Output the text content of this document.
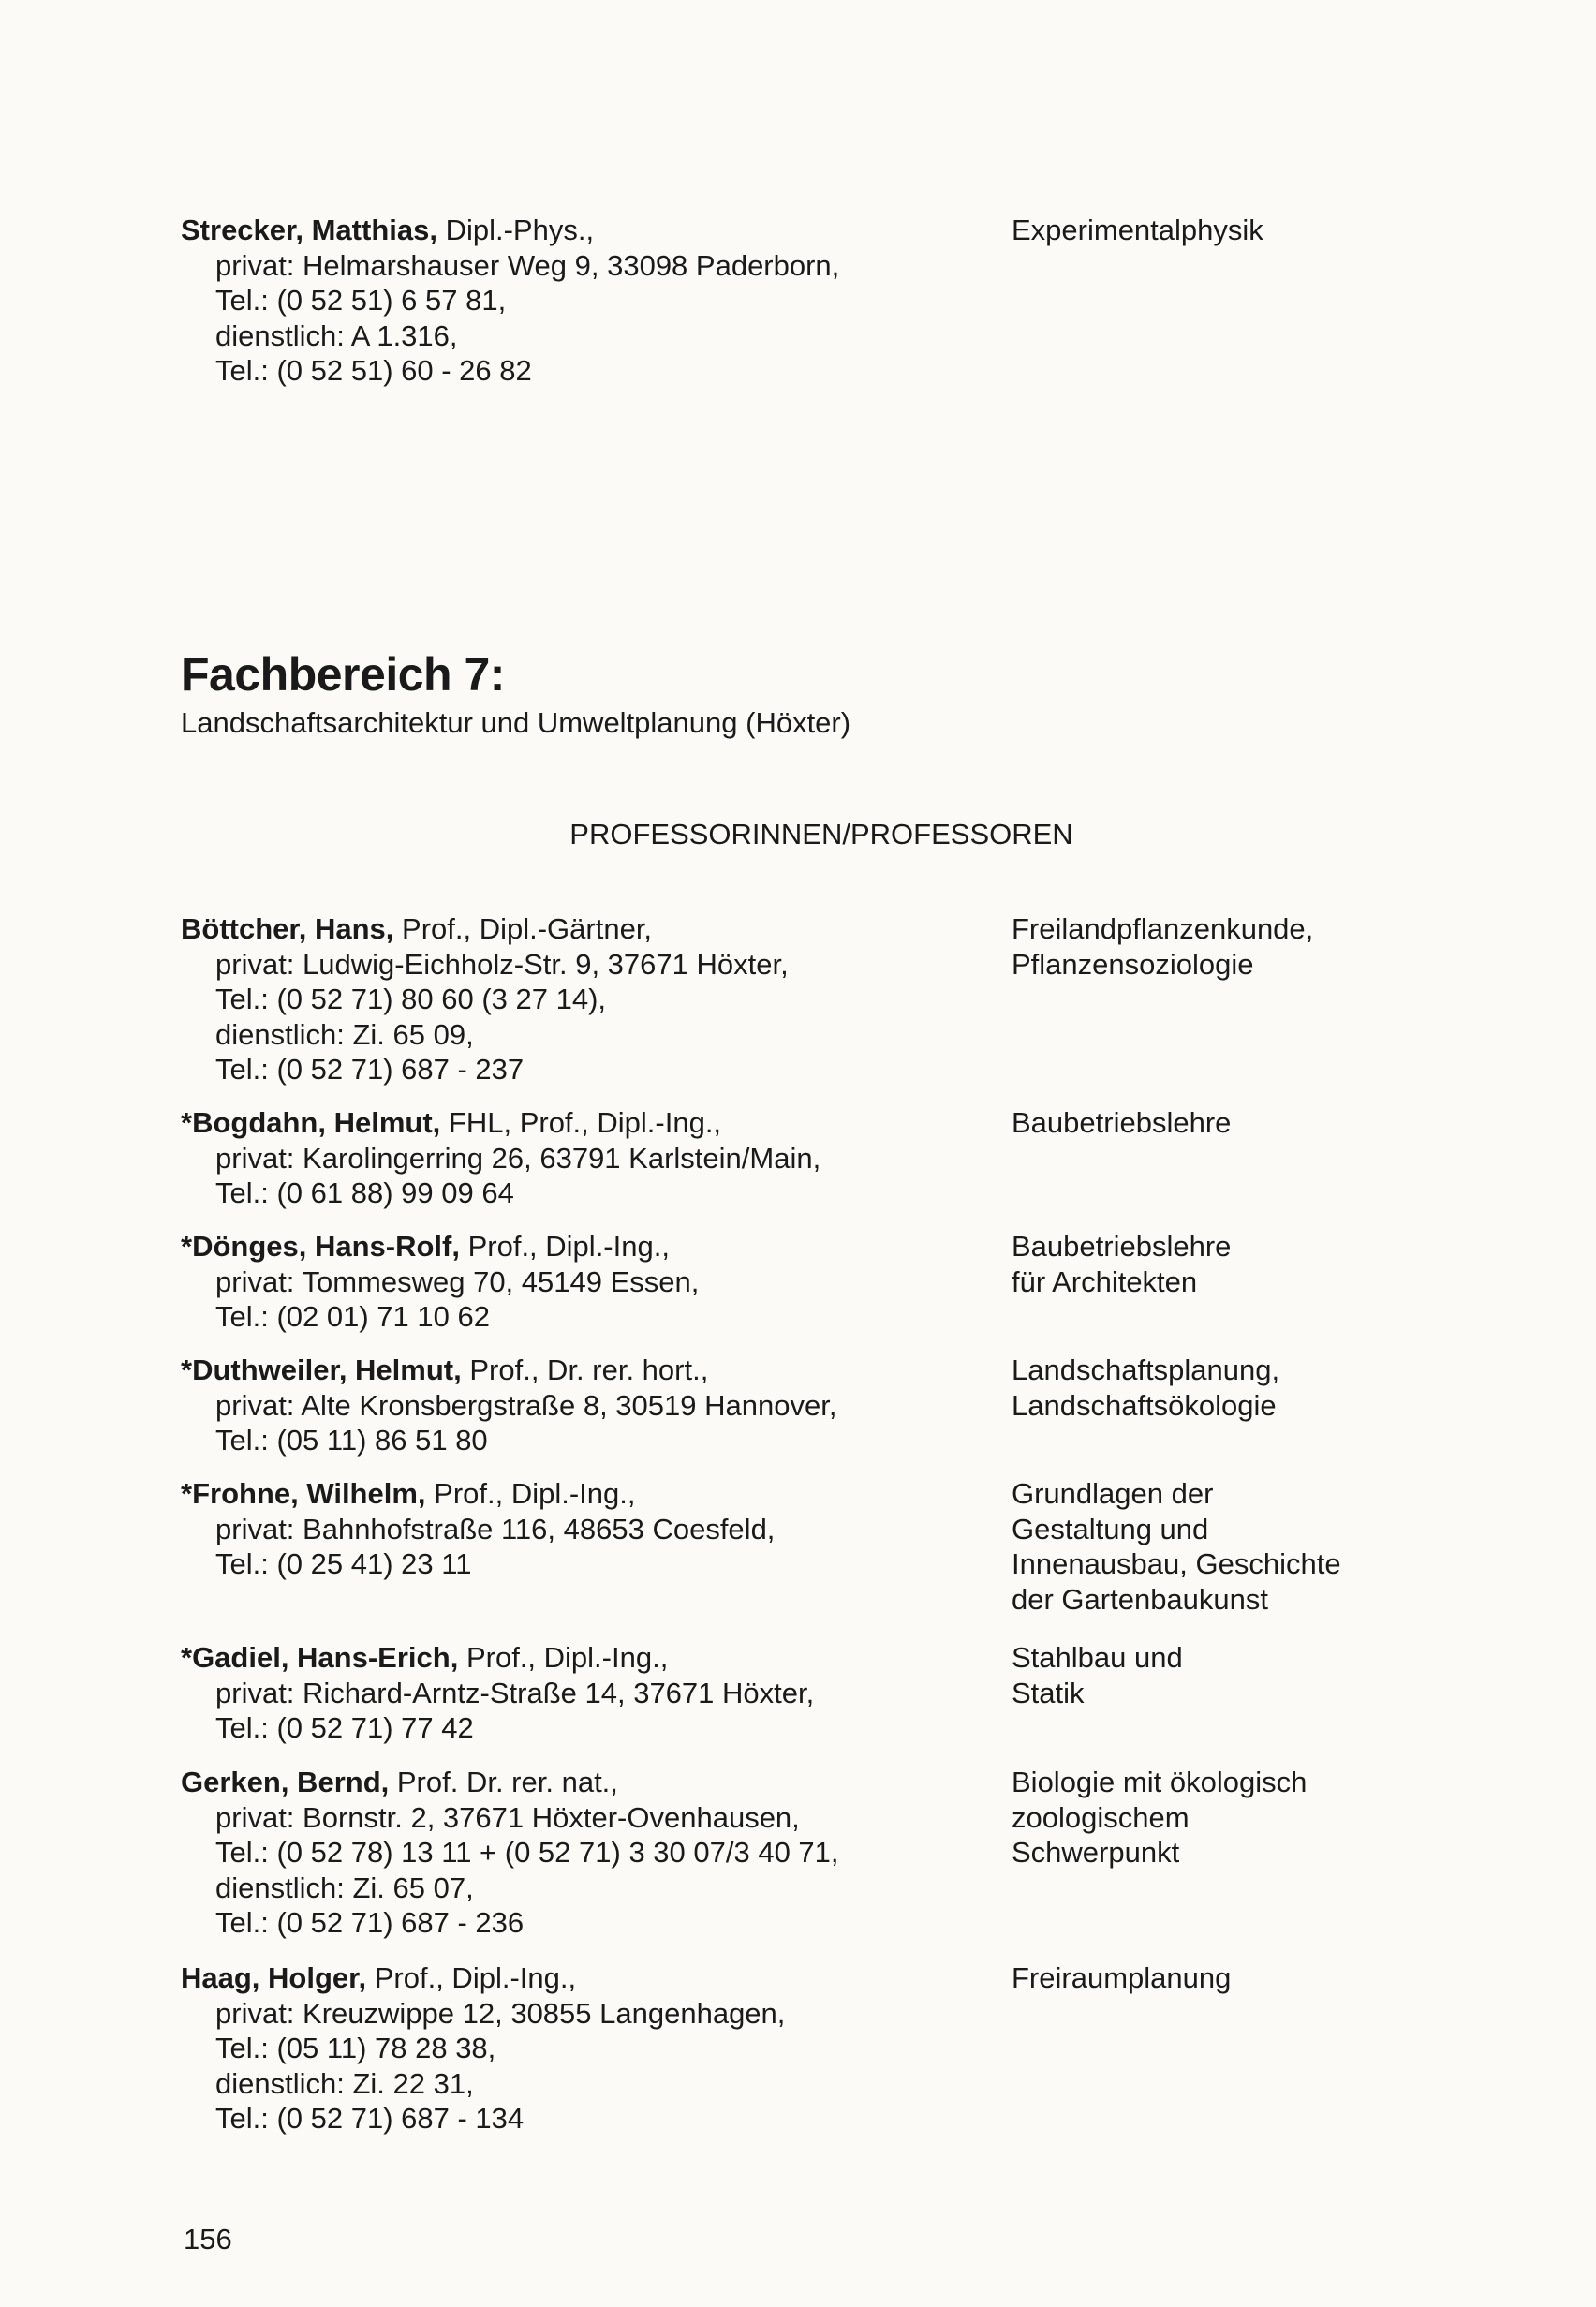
Strecker, Matthias, Dipl.-Phys.,
privat: Helmarshauser Weg 9, 33098 Paderborn,
Tel.: (0 52 51) 6 57 81,
dienstlich: A 1.316,
Tel.: (0 52 51) 60 - 26 82
Experimentalphysik
Fachbereich 7:
Landschaftsarchitektur und Umweltplanung (Höxter)
PROFESSORINNEN/PROFESSOREN
Böttcher, Hans, Prof., Dipl.-Gärtner,
privat: Ludwig-Eichholz-Str. 9, 37671 Höxter,
Tel.: (0 52 71) 80 60 (3 27 14),
dienstlich: Zi. 65 09,
Tel.: (0 52 71) 687 - 237
Freilandpflanzenkunde,
Pflanzensoziologie
*Bogdahn, Helmut, FHL, Prof., Dipl.-Ing.,
privat: Karolingerring 26, 63791 Karlstein/Main,
Tel.: (0 61 88) 99 09 64
Baubetriebslehre
*Dönges, Hans-Rolf, Prof., Dipl.-Ing.,
privat: Tommesweg 70, 45149 Essen,
Tel.: (02 01) 71 10 62
Baubetriebslehre
für Architekten
*Duthweiler, Helmut, Prof., Dr. rer. hort.,
privat: Alte Kronsbergstraße 8, 30519 Hannover,
Tel.: (05 11) 86 51 80
Landschaftsplanung,
Landschaftsökologie
*Frohne, Wilhelm, Prof., Dipl.-Ing.,
privat: Bahnhofstraße 116, 48653 Coesfeld,
Tel.: (0 25 41) 23 11
Grundlagen der
Gestaltung und
Innenausbau, Geschichte
der Gartenbaukunst
*Gadiel, Hans-Erich, Prof., Dipl.-Ing.,
privat: Richard-Arntz-Straße 14, 37671 Höxter,
Tel.: (0 52 71) 77 42
Stahlbau und
Statik
Gerken, Bernd, Prof. Dr. rer. nat.,
privat: Bornstr. 2, 37671 Höxter-Ovenhausen,
Tel.: (0 52 78) 13 11 + (0 52 71) 3 30 07/3 40 71,
dienstlich: Zi. 65 07,
Tel.: (0 52 71) 687 - 236
Biologie mit ökologisch
zoologischem
Schwerpunkt
Haag, Holger, Prof., Dipl.-Ing.,
privat: Kreuzwippe 12, 30855 Langenhagen,
Tel.: (05 11) 78 28 38,
dienstlich: Zi. 22 31,
Tel.: (0 52 71) 687 - 134
Freiraumplanung
156
